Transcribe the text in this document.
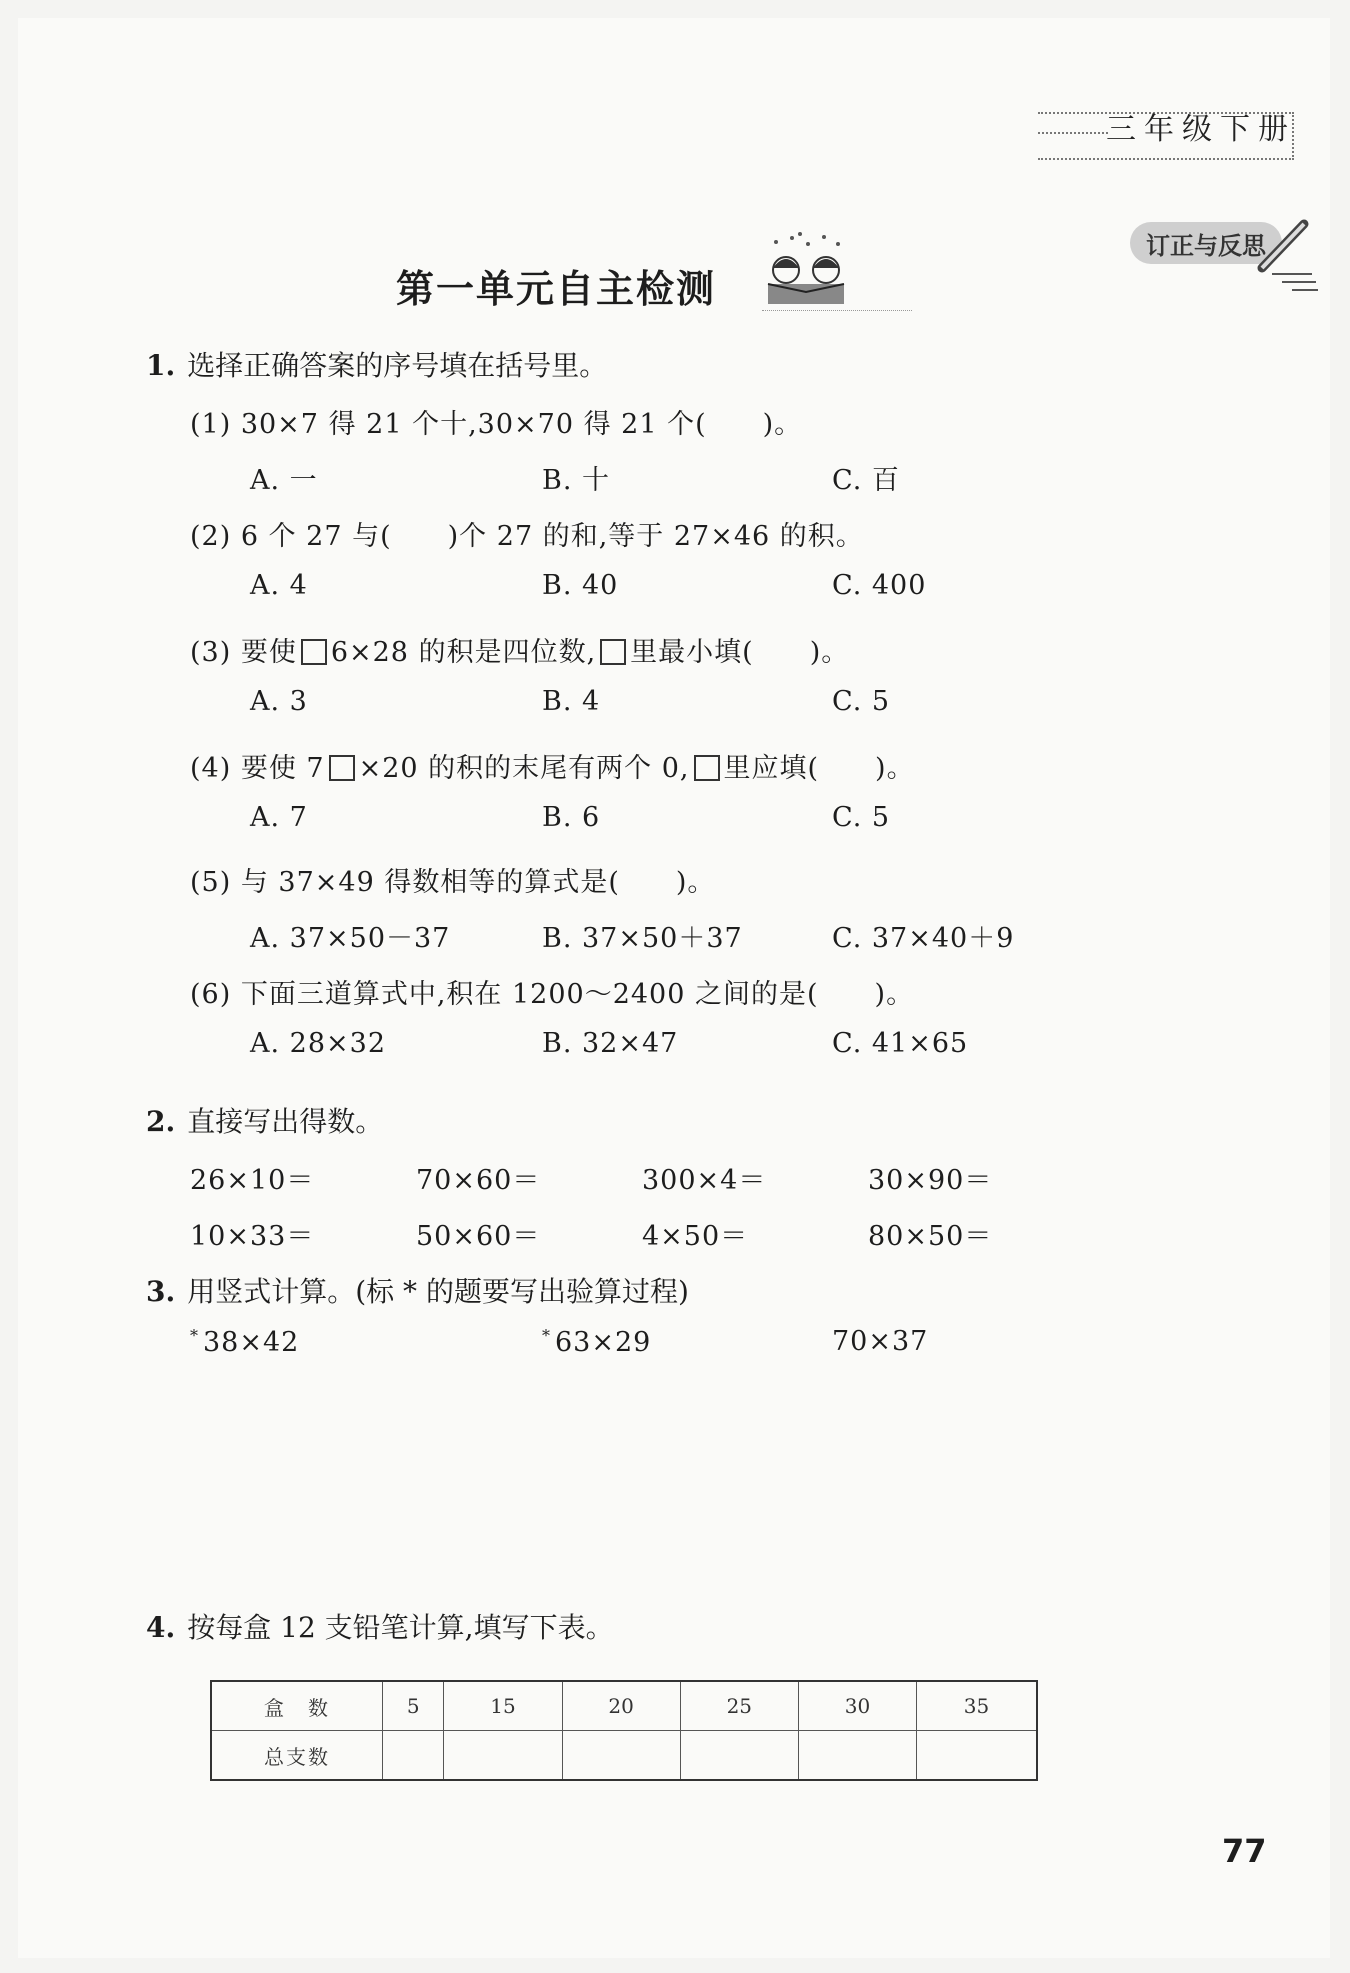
三年级下册
订正与反思
第一单元自主检测
1. 选择正确答案的序号填在括号里。
(1) 30×7 得 21 个十,30×70 得 21 个(　　)。
A. 一	B. 十	C. 百
(2) 6 个 27 与(　　)个 27 的和,等于 27×46 的积。
A. 4	B. 40	C. 400
(3) 要使 6×28 的积是四位数, 里最小填(　　)。
A. 3	B. 4	C. 5
(4) 要使 7 ×20 的积的末尾有两个 0, 里应填(　　)。
A. 7	B. 6	C. 5
(5) 与 37×49 得数相等的算式是(　　)。
A. 37×50－37	B. 37×50＋37	C. 37×40＋9
(6) 下面三道算式中,积在 1200～2400 之间的是(　　)。
A. 28×32	B. 32×47	C. 41×65
2. 直接写出得数。
26×10＝	70×60＝	300×4＝	30×90＝
10×33＝	50×60＝	4×50＝	80×50＝
3. 用竖式计算。(标 * 的题要写出验算过程)
* 38×42	* 63×29	70×37
4. 按每盒 12 支铅笔计算,填写下表。
盒　数	5	15	20	25	30	35
总支数						
77
